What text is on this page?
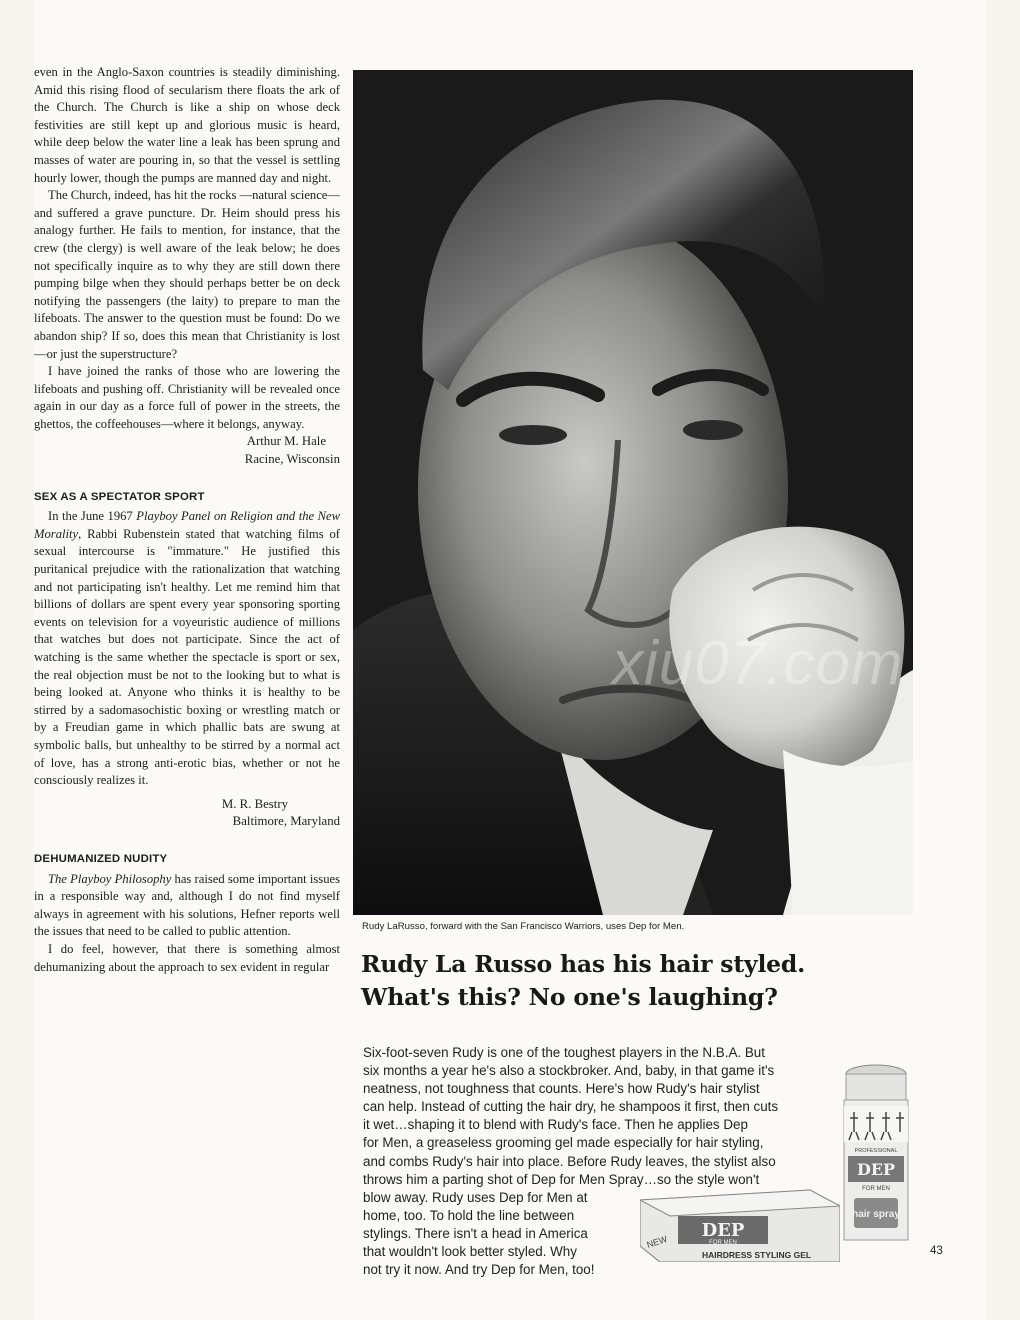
even in the Anglo-Saxon countries is steadily diminishing. Amid this rising flood of secularism there floats the ark of the Church. The Church is like a ship on whose deck festivities are still kept up and glorious music is heard, while deep below the water line a leak has been sprung and masses of water are pouring in, so that the vessel is settling hourly lower, though the pumps are manned day and night.

The Church, indeed, has hit the rocks —natural science—and suffered a grave puncture. Dr. Heim should press his analogy further. He fails to mention, for instance, that the crew (the clergy) is well aware of the leak below; he does not specifically inquire as to why they are still down there pumping bilge when they should perhaps better be on deck notifying the passengers (the laity) to prepare to man the lifeboats. The answer to the question must be found: Do we abandon ship? If so, does this mean that Christianity is lost—or just the superstructure?

I have joined the ranks of those who are lowering the lifeboats and pushing off. Christianity will be revealed once again in our day as a force full of power in the streets, the ghettos, the coffeehouses—where it belongs, anyway.

Arthur M. Hale
Racine, Wisconsin
SEX AS A SPECTATOR SPORT

In the June 1967 Playboy Panel on Religion and the New Morality, Rabbi Rubenstein stated that watching films of sexual intercourse is "immature." He justified this puritanical prejudice with the rationalization that watching and not participating isn't healthy. Let me remind him that billions of dollars are spent every year sponsoring sporting events on television for a voyeuristic audience of millions that watches but does not participate. Since the act of watching is the same whether the spectacle is sport or sex, the real objection must be not to the looking but to what is being looked at. Anyone who thinks it is healthy to be stirred by a sadomasochistic boxing or wrestling match or by a Freudian game in which phallic bats are swung at symbolic balls, but unhealthy to be stirred by a normal act of love, has a strong anti-erotic bias, whether or not he consciously realizes it.

M. R. Bestry
Baltimore, Maryland
DEHUMANIZED NUDITY

The Playboy Philosophy has raised some important issues in a responsible way and, although I do not find myself always in agreement with his solutions, Hefner reports well the issues that need to be called to public attention.

I do feel, however, that there is something almost dehumanizing about the approach to sex evident in regular

xiu07.com
Rudy LaRusso, forward with the San Francisco Warriors, uses Dep for Men.
Rudy La Russo has his hair styled.
What's this? No one's laughing?
Six-foot-seven Rudy is one of the toughest players in the N.B.A. But
six months a year he's also a stockbroker. And, baby, in that game it's
neatness, not toughness that counts. Here's how Rudy's hair stylist
can help. Instead of cutting the hair dry, he shampoos it first, then cuts
it wet…shaping it to blend with Rudy's face. Then he applies Dep
for Men, a greaseless grooming gel made especially for hair styling,
and combs Rudy's hair into place. Before Rudy leaves, the stylist also
throws him a parting shot of Dep for Men Spray…so the style won't
blow away. Rudy uses Dep for Men at
home, too. To hold the line between
stylings. There isn't a head in America
that wouldn't look better styled. Why
not try it now. And try Dep for Men, too!
DEP
FOR MEN
NEW
HAIRDRESS STYLING GEL
PROFESSIONAL
DEP
FOR MEN
hair spray
43
